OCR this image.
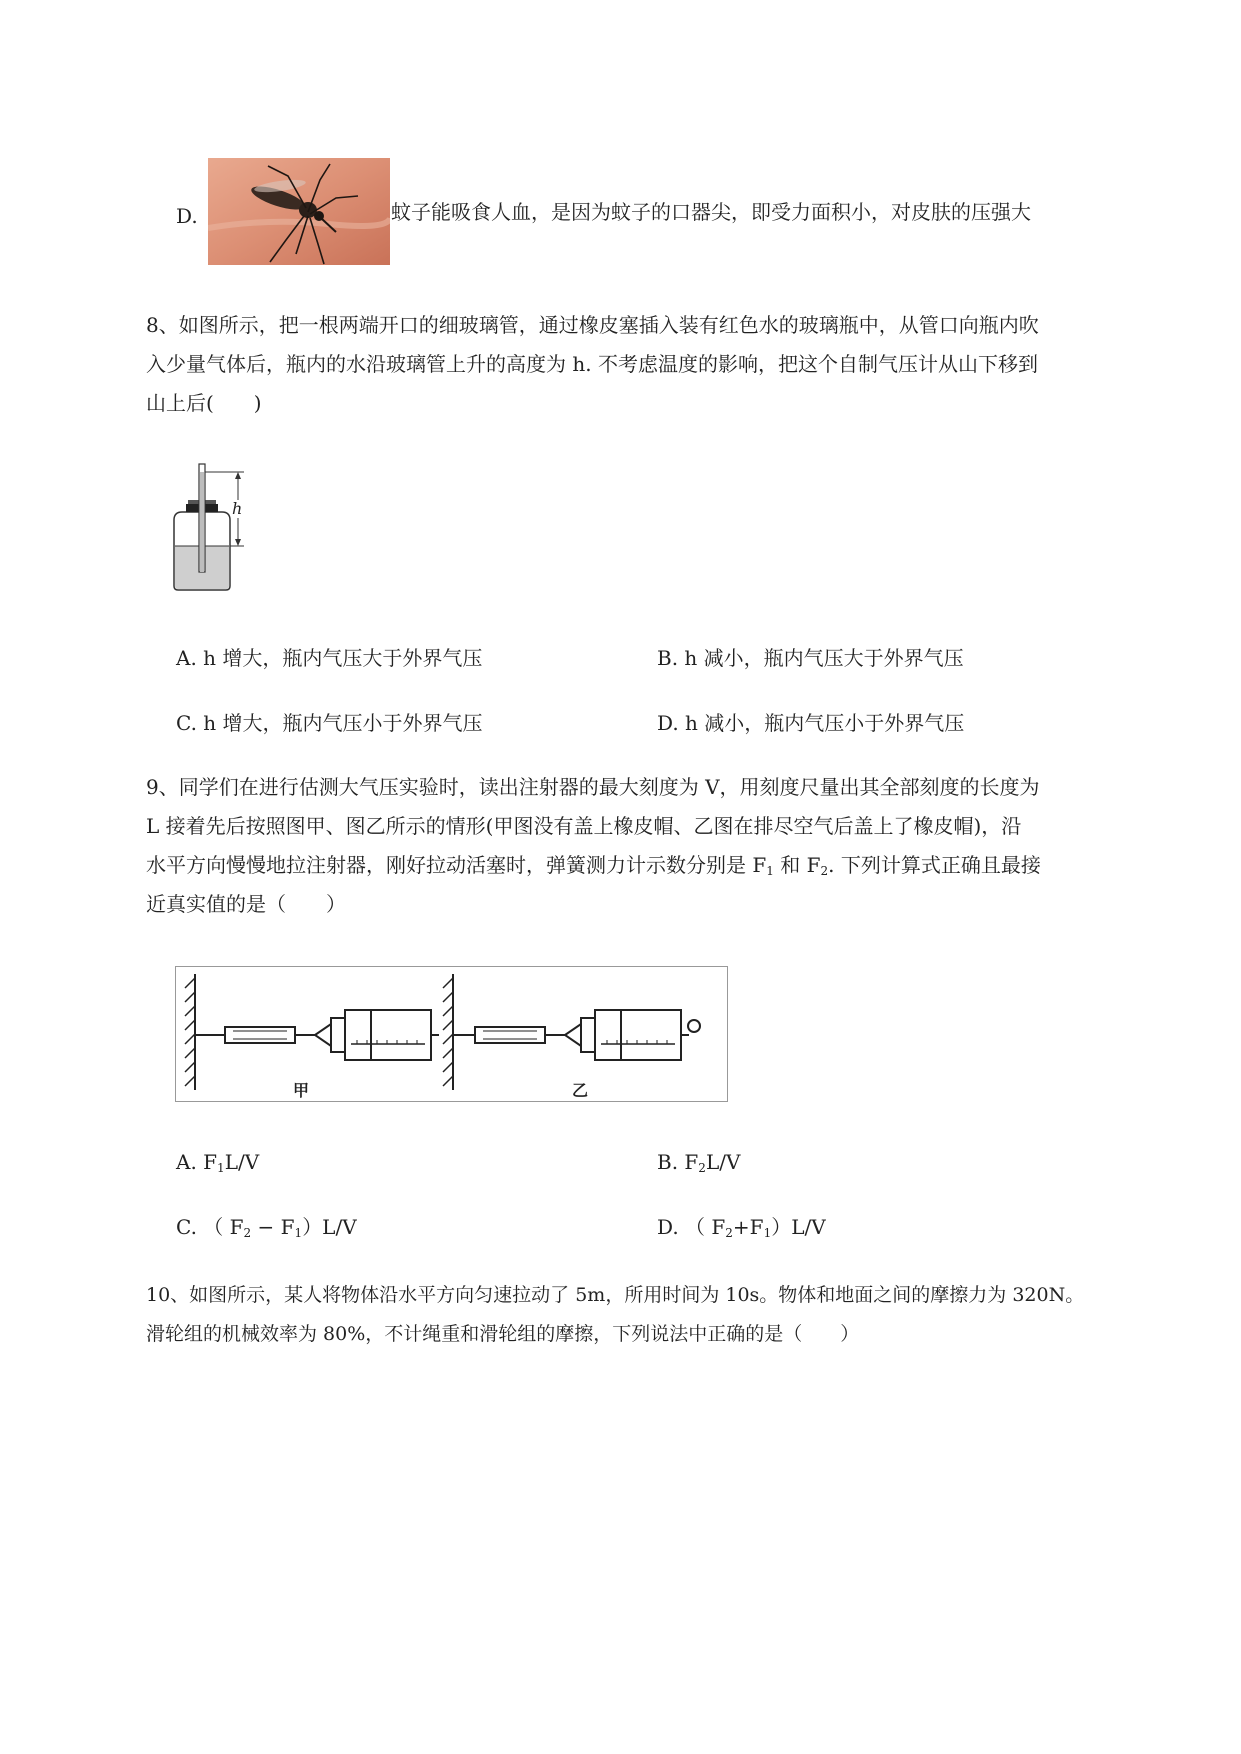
D.	蚊子能吸食人血，是因为蚊子的口器尖，即受力面积小，对皮肤的压强大
8、如图所示，把一根两端开口的细玻璃管，通过橡皮塞插入装有红色水的玻璃瓶中，从管口向瓶内吹
入少量气体后，瓶内的水沿玻璃管上升的高度为 h. 不考虑温度的影响，把这个自制气压计从山下移到
山上后(　　)
h
A. h 增大，瓶内气压大于外界气压	B. h 减小，瓶内气压大于外界气压
C. h 增大，瓶内气压小于外界气压	D. h 减小，瓶内气压小于外界气压
9、同学们在进行估测大气压实验时，读出注射器的最大刻度为 V，用刻度尺量出其全部刻度的长度为
L 接着先后按照图甲、图乙所示的情形(甲图没有盖上橡皮帽、乙图在排尽空气后盖上了橡皮帽)，沿
水平方向慢慢地拉注射器，刚好拉动活塞时，弹簧测力计示数分别是 $F_1$ 和 $F_2$. 下列计算式正确且最接
近真实值的是（　　）
甲	乙
A. $F_1L/V$	B. $F_2L/V$
C. （ $F_2 - F_1)L/V$	D. （ $F_2+F_1)L/V$
10、如图所示，某人将物体沿水平方向匀速拉动了 5m，所用时间为 10s。物体和地面之间的摩擦力为 320N。
滑轮组的机械效率为 80%，不计绳重和滑轮组的摩擦，下列说法中正确的是（　　）
